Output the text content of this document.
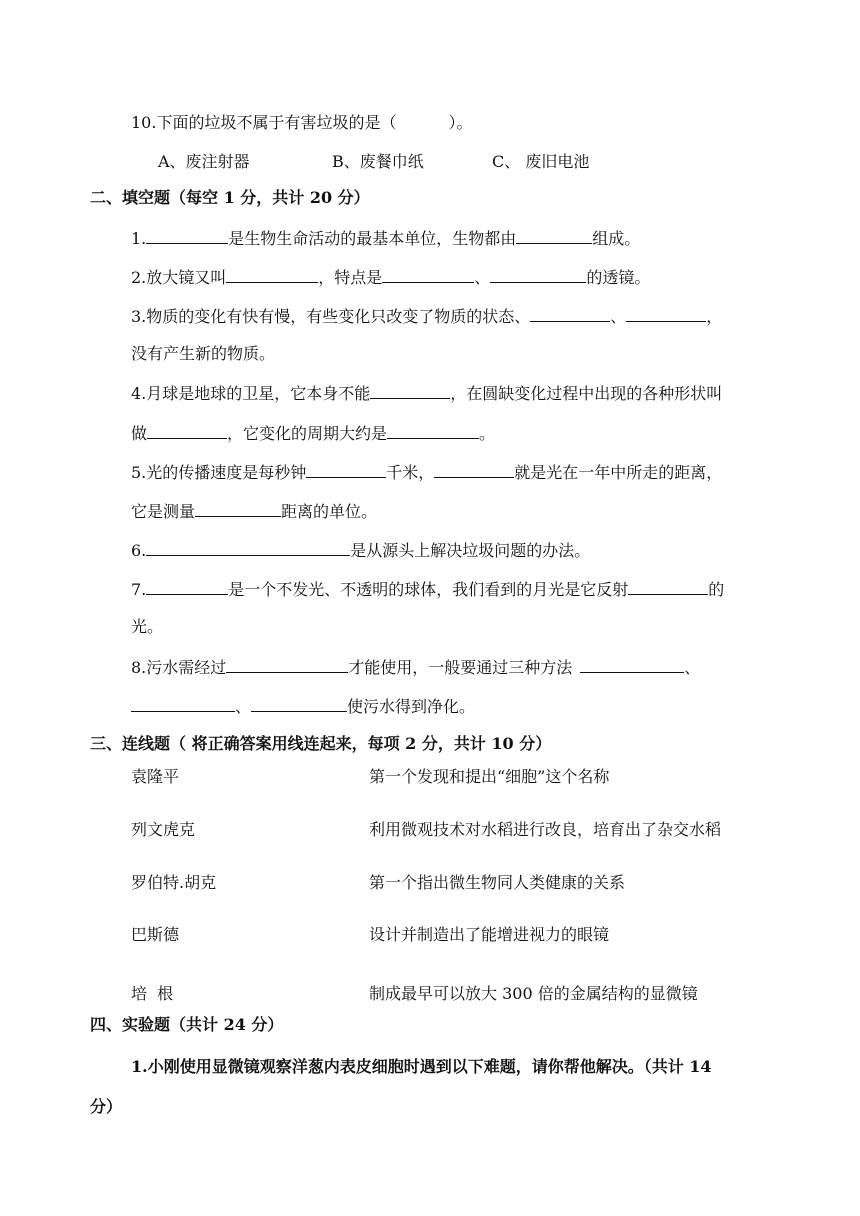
10.下面的垃圾不属于有害垃圾的是（	）。
A、废注射器	B、废餐巾纸	C、 废旧电池
二、填空题（每空 1 分，共计 20 分）
1.	是生物生命活动的最基本单位，生物都由	组成。
2.放大镜又叫	，特点是	、	的透镜。
3.物质的变化有快有慢，有些变化只改变了物质的状态、	、	，
没有产生新的物质。
4.月球是地球的卫星，它本身不能	，在圆缺变化过程中出现的各种形状叫
做	，它变化的周期大约是	。
5.光的传播速度是每秒钟	千米，	就是光在一年中所走的距离，
它是测量	距离的单位。
6.	是从源头上解决垃圾问题的办法。
7.	是一个不发光、不透明的球体，我们看到的月光是它反射	的
光。
8.污水需经过	才能使用，一般要通过三种方法	、
、	使污水得到净化。
三、连线题（ 将正确答案用线连起来，每项 2 分，共计 10 分）
袁隆平	第一个发现和提出“细胞”这个名称
列文虎克	利用微观技术对水稻进行改良，培育出了杂交水稻
罗伯特.胡克	第一个指出微生物同人类健康的关系
巴斯德	设计并制造出了能增进视力的眼镜
培  根	制成最早可以放大 300 倍的金属结构的显微镜
四、实验题（共计 24 分）
1.小刚使用显微镜观察洋葱内表皮细胞时遇到以下难题，请你帮他解决。（共计 14
分）
